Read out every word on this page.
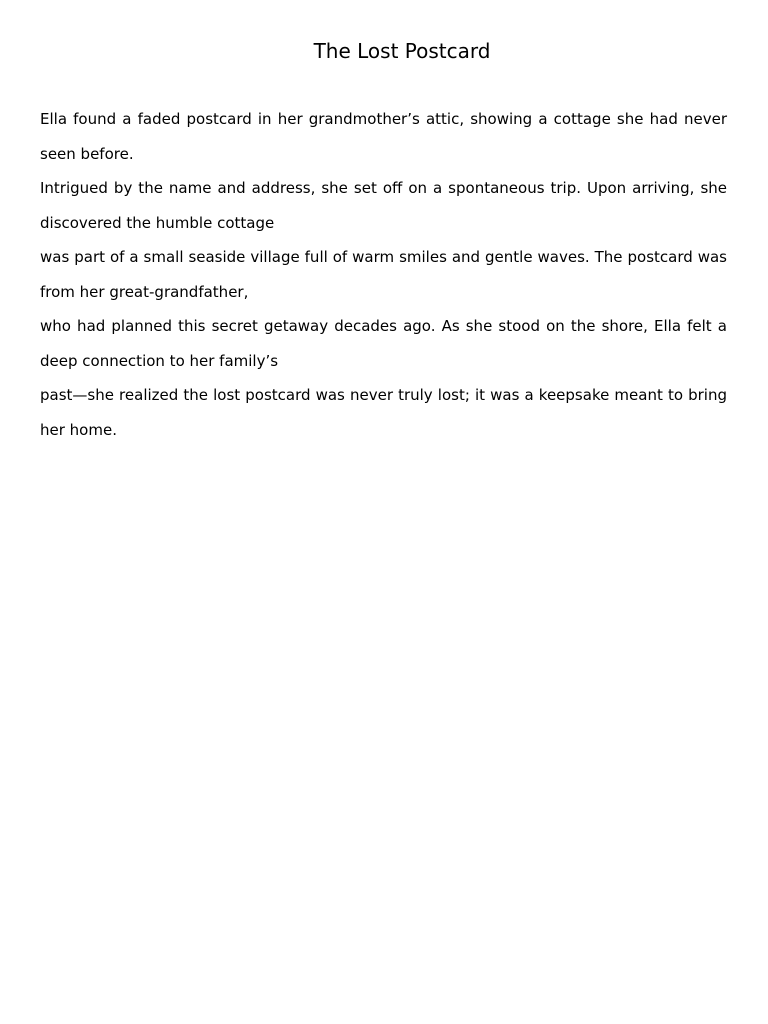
The Lost Postcard

Ella found a faded postcard in her grandmother’s attic, showing a cottage she had never seen before.

Intrigued by the name and address, she set off on a spontaneous trip. Upon arriving, she discovered the humble cottage

was part of a small seaside village full of warm smiles and gentle waves. The postcard was from her great-grandfather,

who had planned this secret getaway decades ago. As she stood on the shore, Ella felt a deep connection to her family’s

past—she realized the lost postcard was never truly lost; it was a keepsake meant to bring her home.
